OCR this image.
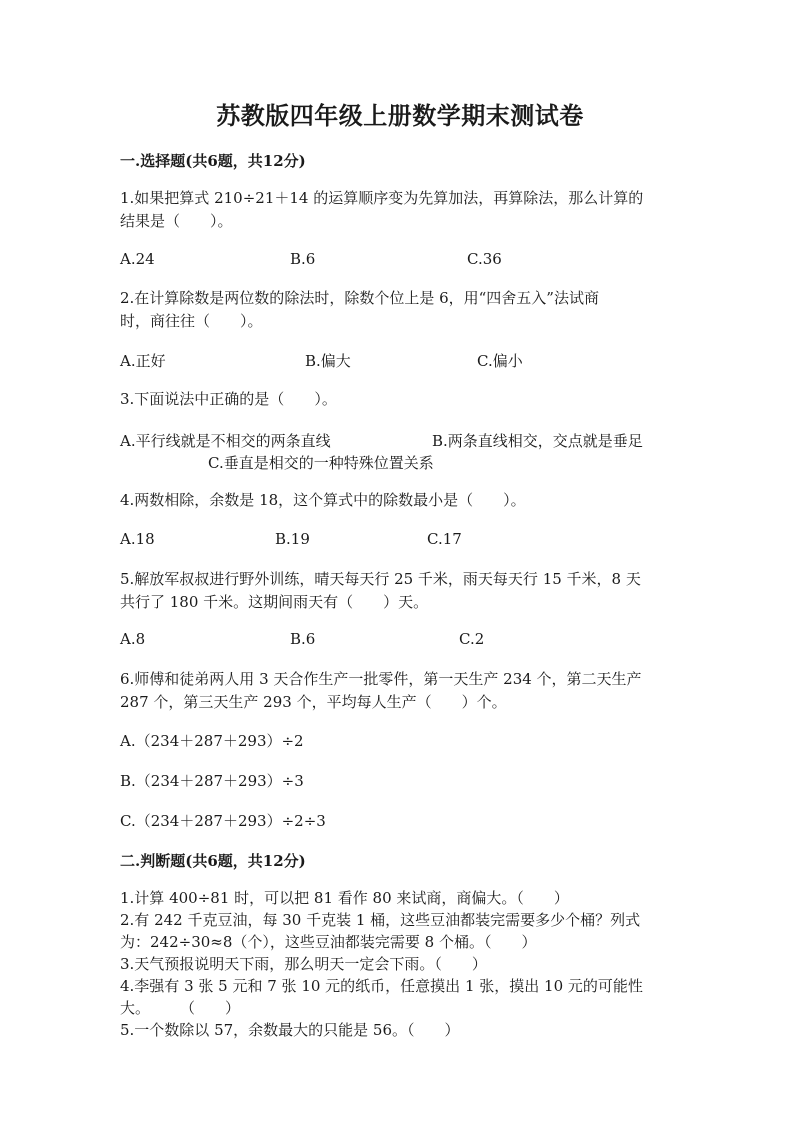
苏教版四年级上册数学期末测试卷
一.选择题(共6题，共12分)
1.如果把算式 210÷21＋14 的运算顺序变为先算加法，再算除法，那么计算的
结果是（　　）。
A.24	B.6	C.36
2.在计算除数是两位数的除法时，除数个位上是 6，用“四舍五入”法试商
时，商往往（　　）。
A.正好	B.偏大	C.偏小
3.下面说法中正确的是（　　）。
A.平行线就是不相交的两条直线	B.两条直线相交，交点就是垂足
C.垂直是相交的一种特殊位置关系
4.两数相除，余数是 18，这个算式中的除数最小是（　　）。
A.18	B.19	C.17
5.解放军叔叔进行野外训练，晴天每天行 25 千米，雨天每天行 15 千米，8 天
共行了 180 千米。这期间雨天有（　　）天。
A.8	B.6	C.2
6.师傅和徒弟两人用 3 天合作生产一批零件，第一天生产 234 个，第二天生产
287 个，第三天生产 293 个，平均每人生产（　　）个。
A.（234＋287＋293）÷2
B.（234＋287＋293）÷3
C.（234＋287＋293）÷2÷3
二.判断题(共6题，共12分)
1.计算 400÷81 时，可以把 81 看作 80 来试商，商偏大。（　　）
2.有 242 千克豆油，每 30 千克装 1 桶，这些豆油都装完需要多少个桶？列式
为：242÷30≈8（个），这些豆油都装完需要 8 个桶。（　　）
3.天气预报说明天下雨，那么明天一定会下雨。（　　）
4.李强有 3 张 5 元和 7 张 10 元的纸币，任意摸出 1 张，摸出 10 元的可能性
大。　　　（　　）
5.一个数除以 57，余数最大的只能是 56。（　　）
